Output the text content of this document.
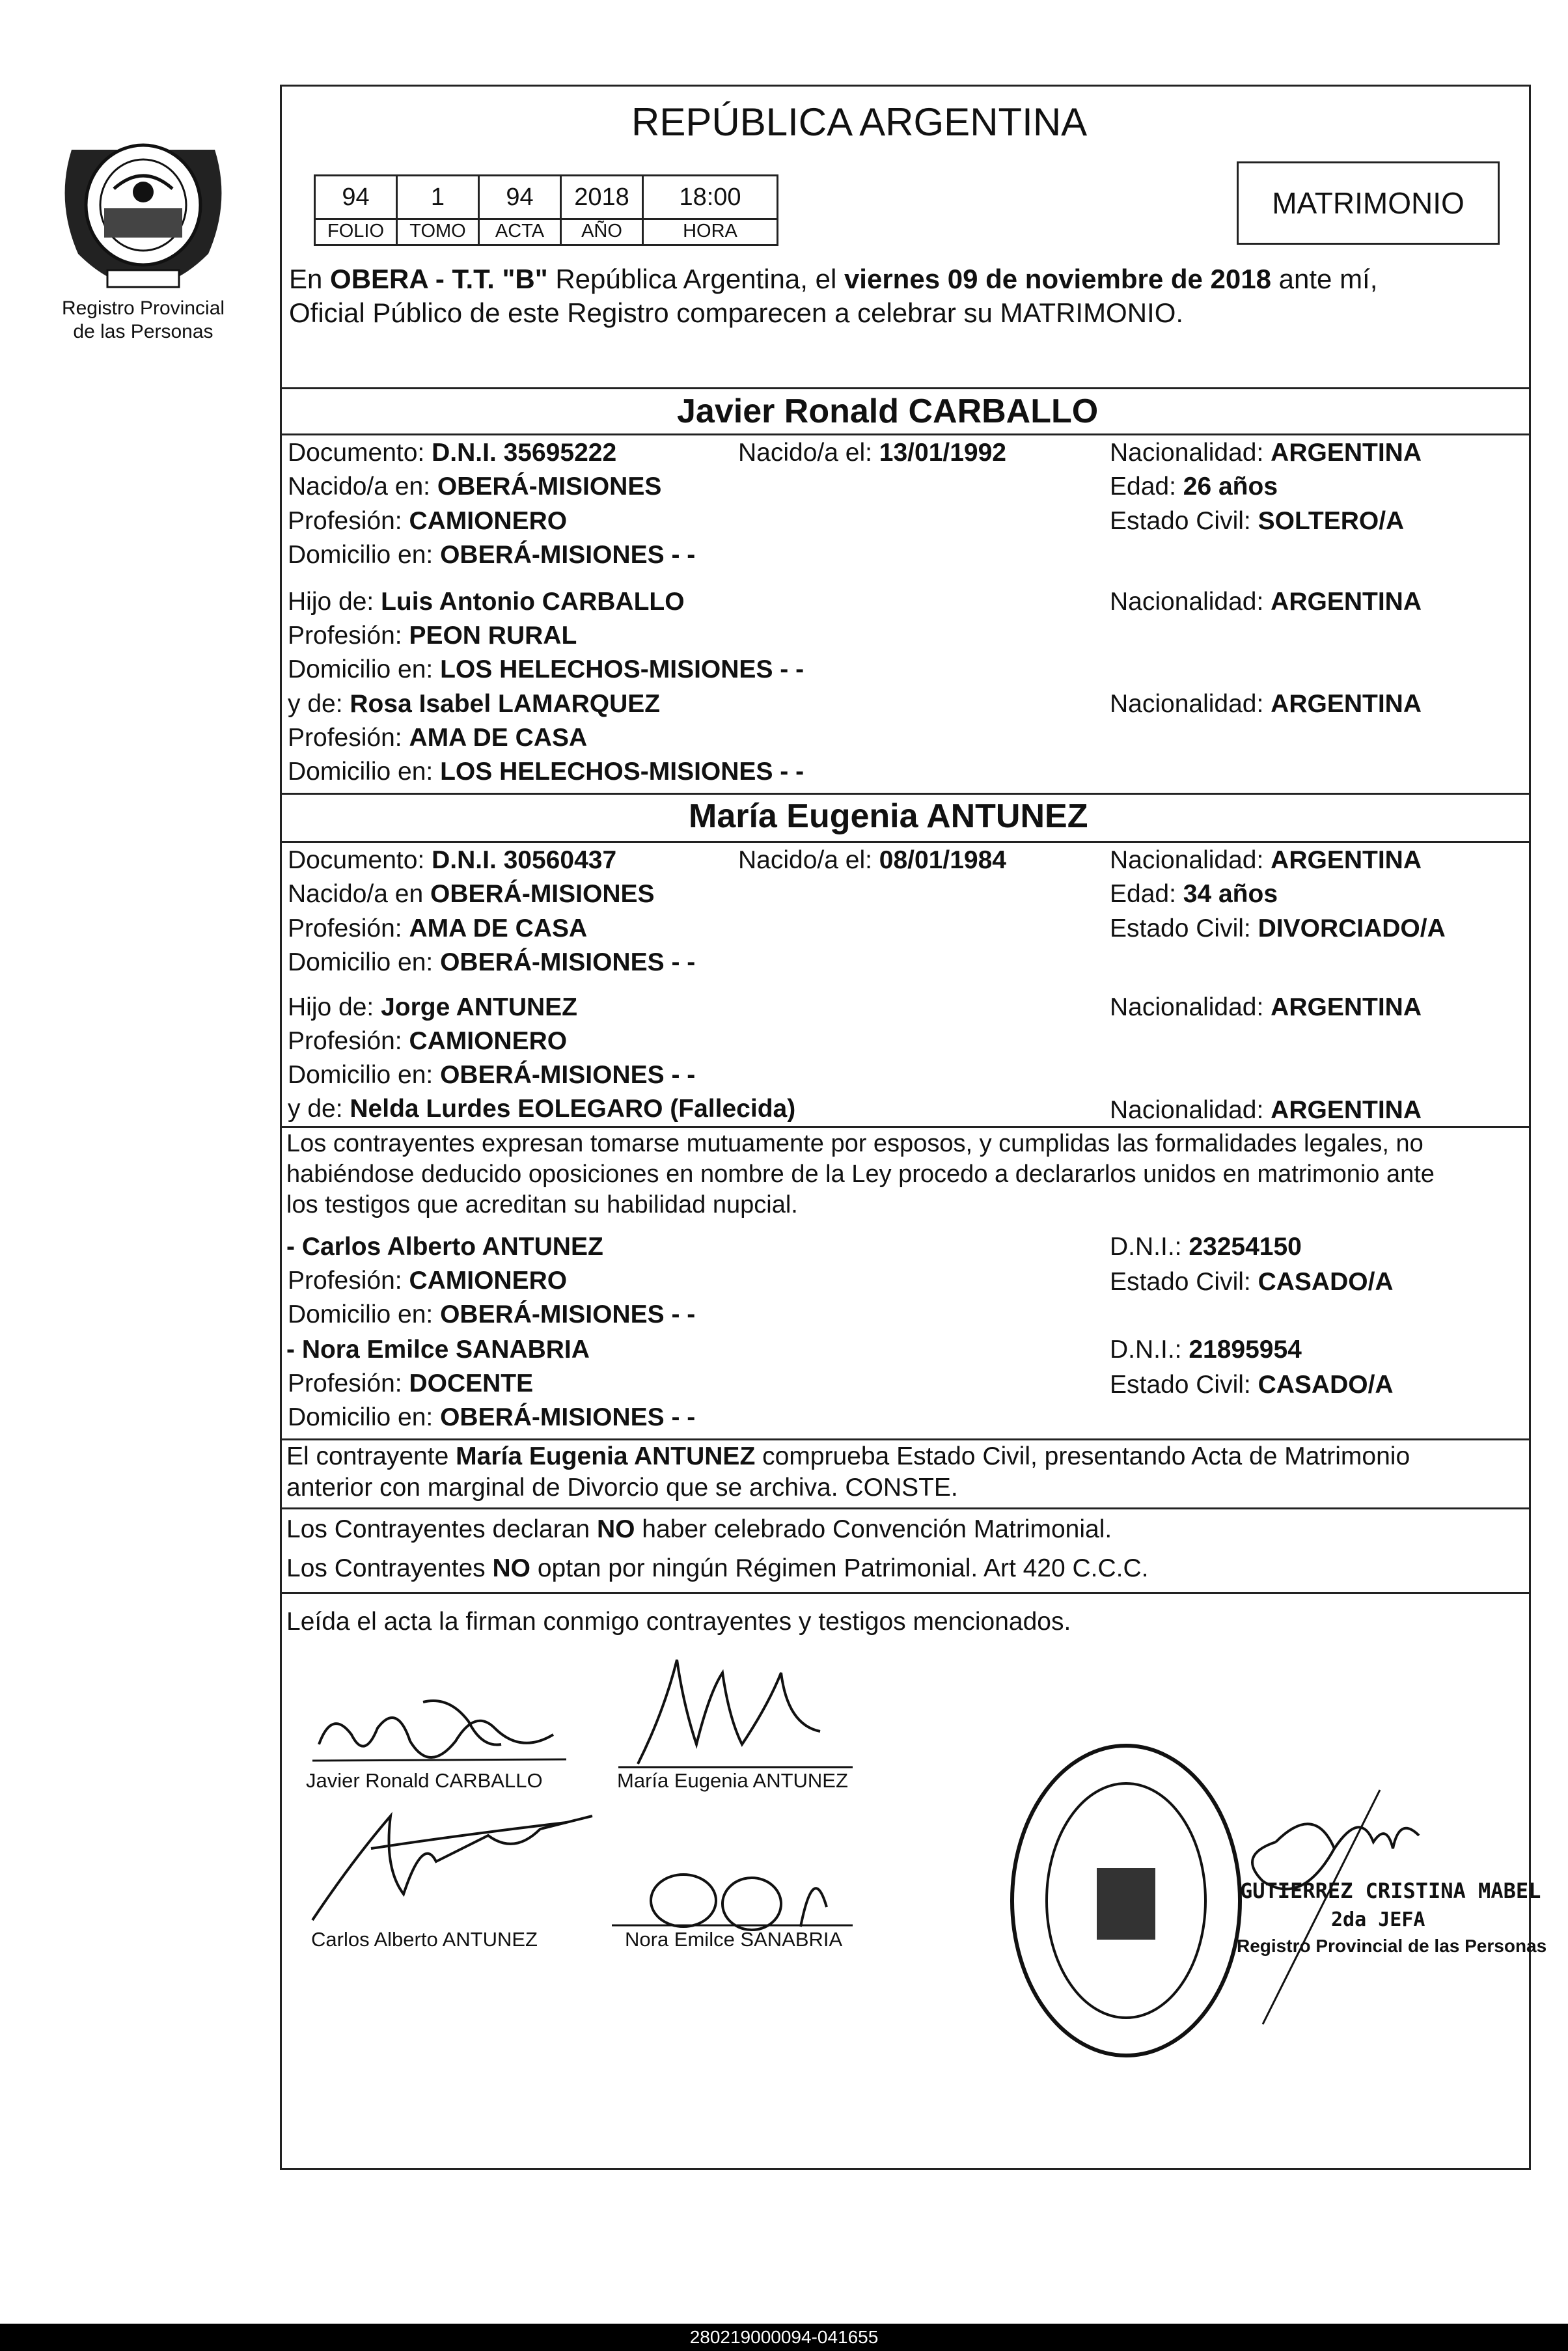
Registro Provincial
de las Personas
REPÚBLICA ARGENTINA
94	1	94	2018	18:00
FOLIO	TOMO	ACTA	AÑO	HORA
MATRIMONIO
En OBERA - T.T. "B" República Argentina, el viernes 09 de noviembre de 2018 ante mí,
Oficial Público de este Registro comparecen a celebrar su MATRIMONIO.
Javier Ronald CARBALLO
Documento: D.N.I. 35695222	Nacido/a el: 13/01/1992	Nacionalidad: ARGENTINA
Nacido/a en: OBERÁ-MISIONES	Edad: 26 años
Profesión: CAMIONERO	Estado Civil: SOLTERO/A
Domicilio en: OBERÁ-MISIONES - -
Hijo de: Luis Antonio CARBALLO	Nacionalidad: ARGENTINA
Profesión: PEON RURAL
Domicilio en: LOS HELECHOS-MISIONES - -
y de: Rosa Isabel LAMARQUEZ	Nacionalidad: ARGENTINA
Profesión: AMA DE CASA
Domicilio en: LOS HELECHOS-MISIONES - -
María Eugenia ANTUNEZ
Documento: D.N.I. 30560437	Nacido/a el: 08/01/1984	Nacionalidad: ARGENTINA
Nacido/a en OBERÁ-MISIONES	Edad: 34 años
Profesión: AMA DE CASA	Estado Civil: DIVORCIADO/A
Domicilio en: OBERÁ-MISIONES - -
Hijo de: Jorge ANTUNEZ	Nacionalidad: ARGENTINA
Profesión: CAMIONERO
Domicilio en: OBERÁ-MISIONES - -
y de: Nelda Lurdes EOLEGARO (Fallecida)	Nacionalidad: ARGENTINA
Los contrayentes expresan tomarse mutuamente por esposos, y cumplidas las formalidades legales, no
habiéndose deducido oposiciones en nombre de la Ley procedo a declararlos unidos en matrimonio ante
los testigos que acreditan su habilidad nupcial.
- Carlos Alberto ANTUNEZ	D.N.I.: 23254150
Profesión: CAMIONERO	Estado Civil: CASADO/A
Domicilio en: OBERÁ-MISIONES - -
- Nora Emilce SANABRIA	D.N.I.: 21895954
Profesión: DOCENTE	Estado Civil: CASADO/A
Domicilio en: OBERÁ-MISIONES - -
El contrayente María Eugenia ANTUNEZ comprueba Estado Civil, presentando Acta de Matrimonio
anterior con marginal de Divorcio que se archiva. CONSTE.
Los Contrayentes declaran NO haber celebrado Convención Matrimonial.
Los Contrayentes NO optan por ningún Régimen Patrimonial. Art 420 C.C.C.
Leída el acta la firman conmigo contrayentes y testigos mencionados.
Javier Ronald CARBALLO	María Eugenia ANTUNEZ
Carlos Alberto ANTUNEZ	Nora Emilce SANABRIA
GUTIERREZ CRISTINA MABEL
2da JEFA
Registro Provincial de las Personas
280219000094-041655
